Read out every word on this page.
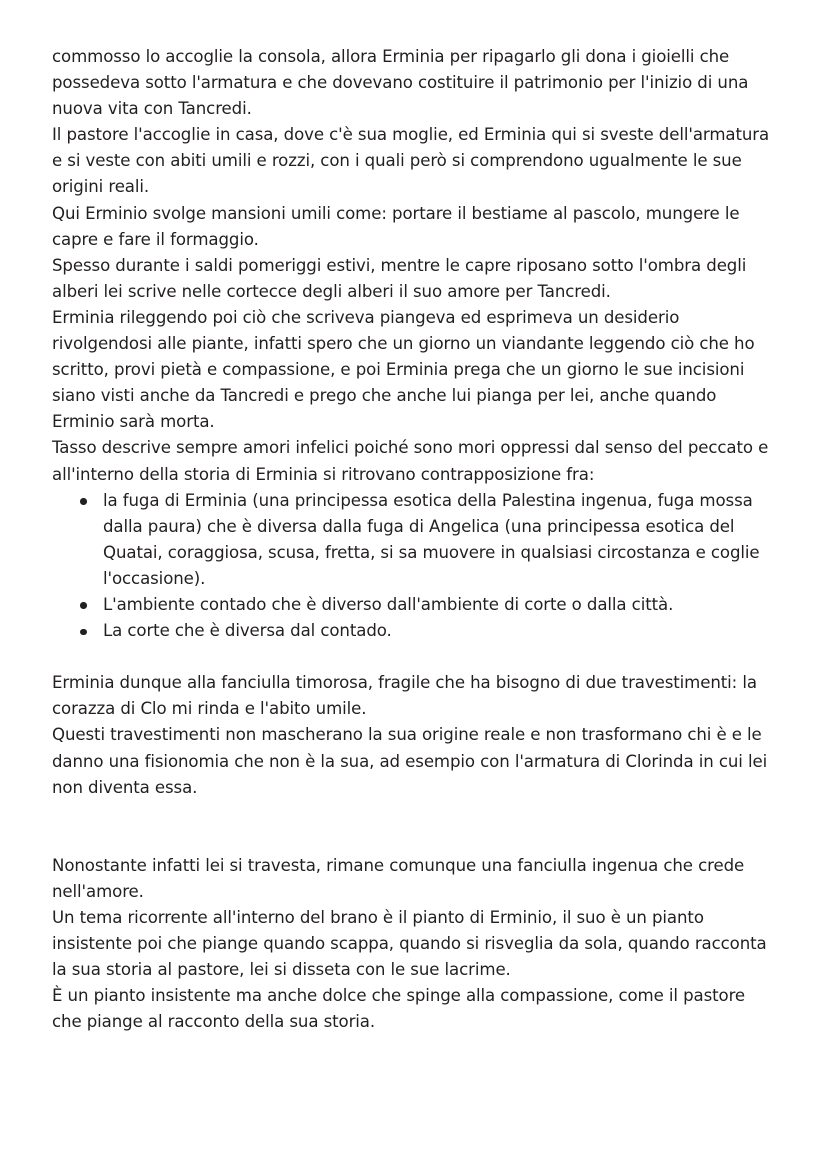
commosso lo accoglie la consola, allora Erminia per ripagarlo gli dona i gioielli che possedeva sotto l'armatura e che dovevano costituire il patrimonio per l'inizio di una nuova vita con Tancredi.

Il pastore l'accoglie in casa, dove c'è sua moglie, ed Erminia qui si sveste dell'armatura e si veste con abiti umili e rozzi, con i quali però si comprendono ugualmente le sue origini reali.

Qui Erminio svolge mansioni umili come: portare il bestiame al pascolo, mungere le capre e fare il formaggio.

Spesso durante i saldi pomeriggi estivi, mentre le capre riposano sotto l'ombra degli alberi lei scrive nelle cortecce degli alberi il suo amore per Tancredi.

Erminia rileggendo poi ciò che scriveva piangeva ed esprimeva un desiderio rivolgendosi alle piante, infatti spero che un giorno un viandante leggendo ciò che ho scritto, provi pietà e compassione, e poi Erminia prega che un giorno le sue incisioni siano visti anche da Tancredi e prego che anche lui pianga per lei, anche quando Erminio sarà morta.

Tasso descrive sempre amori infelici poiché sono mori oppressi dal senso del peccato e all'interno della storia di Erminia si ritrovano contrapposizione fra:

la fuga di Erminia (una principessa esotica della Palestina ingenua, fuga mossa dalla paura) che è diversa dalla fuga di Angelica (una principessa esotica del Quatai, coraggiosa, scusa, fretta, si sa muovere in qualsiasi circostanza e coglie l'occasione).
L'ambiente contado che è diverso dall'ambiente di corte o dalla città.
La corte che è diversa dal contado.

Erminia dunque alla fanciulla timorosa, fragile che ha bisogno di due travestimenti: la corazza di Clo mi rinda e l'abito umile.

Questi travestimenti non mascherano la sua origine reale e non trasformano chi è e le danno una fisionomia che non è la sua, ad esempio con l'armatura di Clorinda in cui lei non diventa essa.

Nonostante infatti lei si travesta, rimane comunque una fanciulla ingenua che crede nell'amore.

Un tema ricorrente all'interno del brano è il pianto di Erminio, il suo è un pianto insistente poi che piange quando scappa, quando si risveglia da sola, quando racconta la sua storia al pastore, lei si disseta con le sue lacrime.

È un pianto insistente ma anche dolce che spinge alla compassione, come il pastore che piange al racconto della sua storia.
